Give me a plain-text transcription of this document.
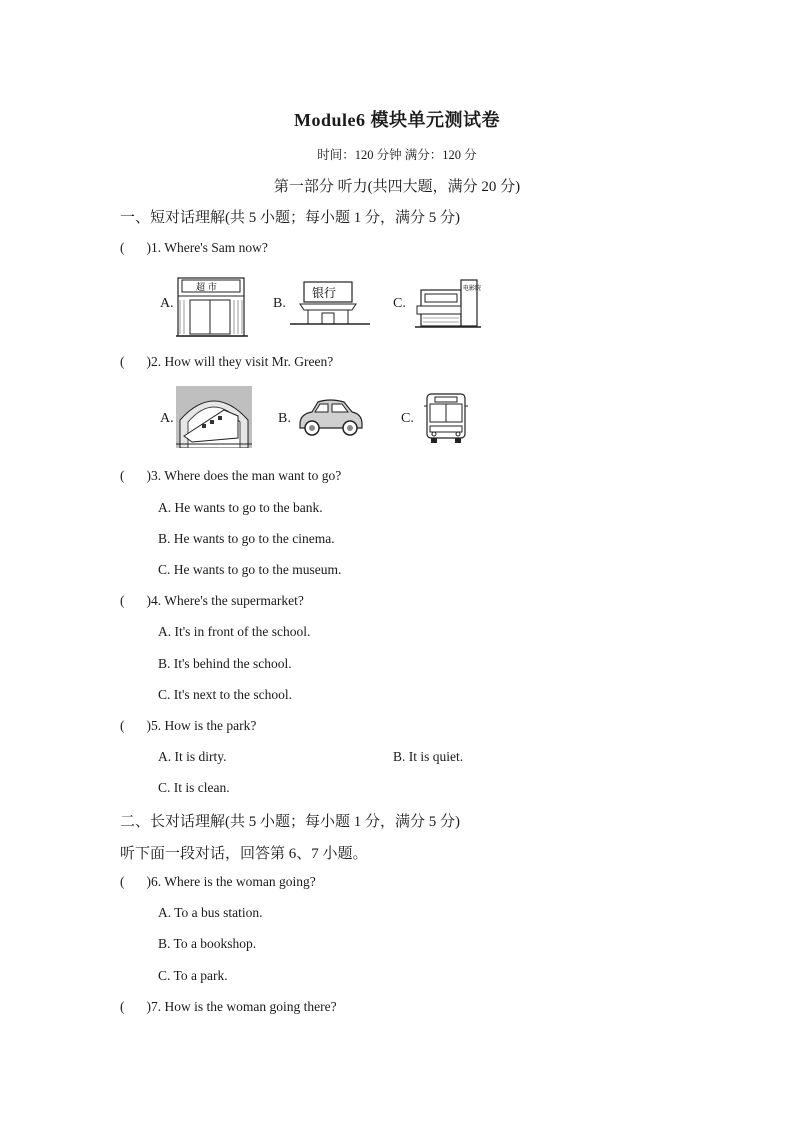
Module6 模块单元测试卷
时间：120 分钟 满分：120 分
第一部分 听力(共四大题，满分 20 分)
一、短对话理解(共 5 小题；每小题 1 分，满分 5 分)
( )1. Where's Sam now?
A.	B.	C.
超 市	银行	电影院
( )2. How will they visit Mr. Green?
A.	B.	C.
( )3. Where does the man want to go?
A. He wants to go to the bank.
B. He wants to go to the cinema.
C. He wants to go to the museum.
( )4. Where's the supermarket?
A. It's in front of the school.
B. It's behind the school.
C. It's next to the school.
( )5. How is the park?
A. It is dirty.	B. It is quiet.
C. It is clean.
二、长对话理解(共 5 小题；每小题 1 分，满分 5 分)
听下面一段对话，回答第 6、7 小题。
( )6. Where is the woman going?
A. To a bus station.
B. To a bookshop.
C. To a park.
( )7. How is the woman going there?
